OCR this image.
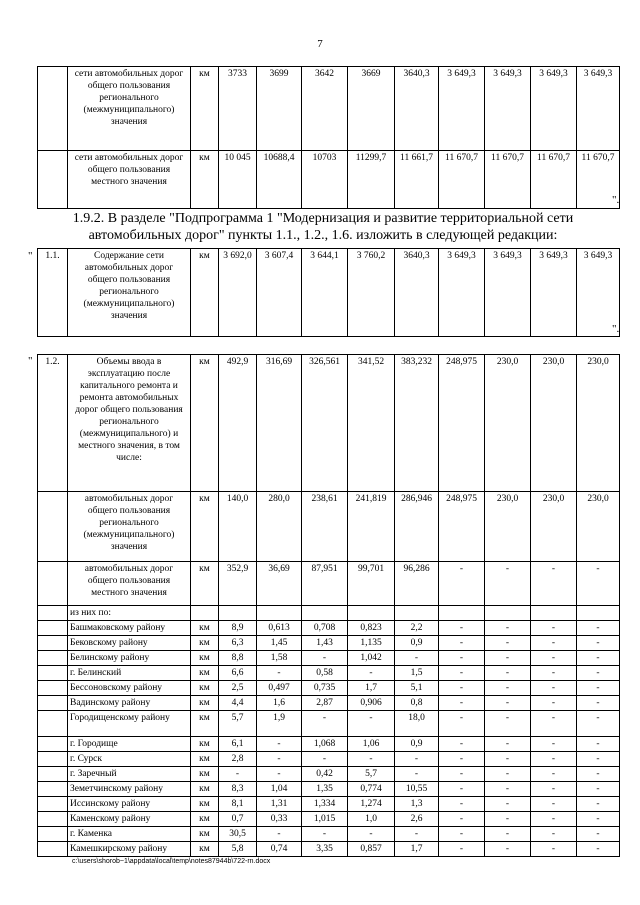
7
	сети автомобильных дорог общего пользования регионального (межмуниципального) значения	км	3733	3699	3642	3669	3640,3	3 649,3	3 649,3	3 649,3	3 649,3
	сети автомобильных дорог общего пользования местного значения	км	10 045	10688,4	10703	11299,7	11 661,7	11 670,7	11 670,7	11 670,7	11 670,7
".
1.9.2. В разделе "Подпрограмма 1 "Модернизация и развитие территориальной сети автомобильных дорог" пункты 1.1., 1.2., 1.6. изложить в следующей редакции:
" 1.1.	Содержание сети автомобильных дорог общего пользования регионального (межмуниципального) значения	км	3 692,0	3 607,4	3 644,1	3 760,2	3640,3	3 649,3	3 649,3	3 649,3	3 649,3
".
" 1.2.	Объемы ввода в эксплуатацию после капитального ремонта и ремонта автомобильных дорог общего пользования регионального (межмуниципального) и местного значения, в том числе:	км	492,9	316,69	326,561	341,52	383,232	248,975	230,0	230,0	230,0
	автомобильных дорог общего пользования регионального (межмуниципального) значения	км	140,0	280,0	238,61	241,819	286,946	248,975	230,0	230,0	230,0
	автомобильных дорог общего пользования местного значения	км	352,9	36,69	87,951	99,701	96,286	-	-	-	-
	из них по:										
	Башмаковскому району	км	8,9	0,613	0,708	0,823	2,2	-	-	-	-
	Бековскому району	км	6,3	1,45	1,43	1,135	0,9	-	-	-	-
	Белинскому району	км	8,8	1,58	-	1,042	-	-	-	-	-
	г. Белинский	км	6,6	-	0,58	-	1,5	-	-	-	-
	Бессоновскому району	км	2,5	0,497	0,735	1,7	5,1	-	-	-	-
	Вадинскому району	км	4,4	1,6	2,87	0,906	0,8	-	-	-	-
	Городищенскому району	км	5,7	1,9	-	-	18,0	-	-	-	-
	г. Городище	км	6,1	-	1,068	1,06	0,9	-	-	-	-
	г. Сурск	км	2,8	-	-	-	-	-	-	-	-
	г. Заречный	км	-	-	0,42	5,7	-	-	-	-	-
	Земетчинскому району	км	8,3	1,04	1,35	0,774	10,55	-	-	-	-
	Иссинскому району	км	8,1	1,31	1,334	1,274	1,3	-	-	-	-
	Каменскому району	км	0,7	0,33	1,015	1,0	2,6	-	-	-	-
	г. Каменка	км	30,5	-	-	-	-	-	-	-	-
	Камешкирскому району	км	5,8	0,74	3,35	0,857	1,7	-	-	-	-
c:\users\shorob~1\appdata\local\temp\notes87944b\722-rn.docx
